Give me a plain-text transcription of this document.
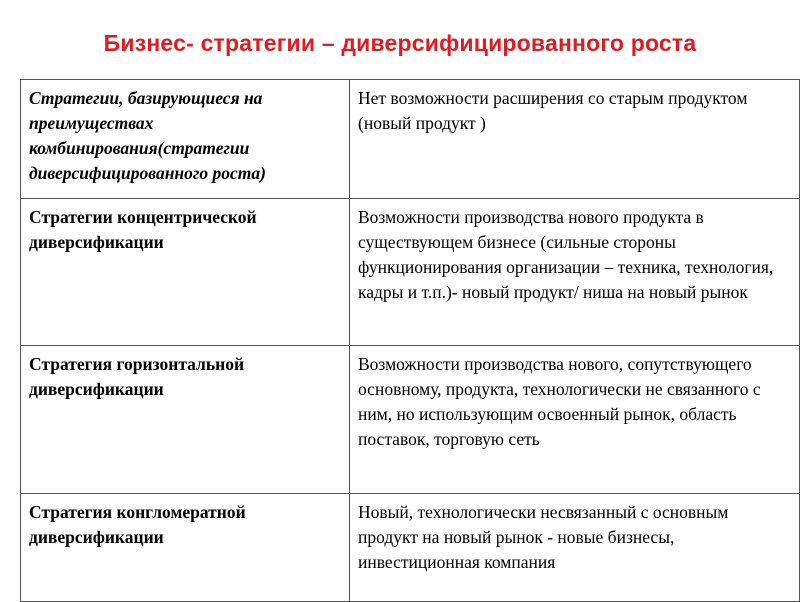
Бизнес- стратегии – диверсифицированного роста
Стратегии, базирующиеся на преимуществах комбинирования(стратегии диверсифицированного роста)	Нет возможности расширения со старым продуктом (новый продукт )
Стратегии концентрической диверсификации	Возможности производства нового продукта в существующем бизнесе (сильные стороны функционирования организации – техника, технология, кадры и т.п.)- новый продукт/ ниша на новый рынок
Стратегия горизонтальной диверсификации	Возможности производства нового, сопутствующего основному, продукта, технологически не связанного с ним, но использующим освоенный рынок, область поставок, торговую сеть
Стратегия конгломератной диверсификации	Новый, технологически несвязанный с основным продукт на новый рынок - новые бизнесы, инвестиционная компания
